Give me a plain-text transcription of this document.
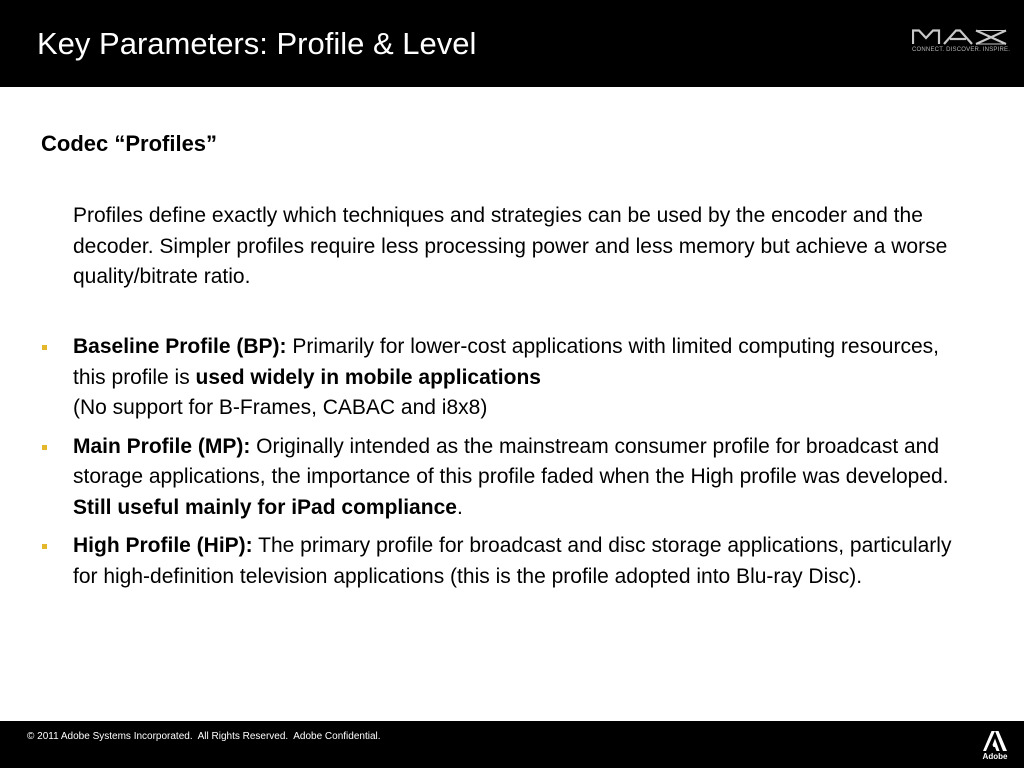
Key Parameters: Profile & Level	CONNECT. DISCOVER. INSPIRE.
Codec “Profiles”

Profiles define exactly which techniques and strategies can be used by the encoder and the decoder. Simpler profiles require less processing power and less memory but achieve a worse quality/bitrate ratio.

Baseline Profile (BP): Primarily for lower-cost applications with limited computing resources, this profile is used widely in mobile applications
(No support for B-Frames, CABAC and i8x8)
Main Profile (MP): Originally intended as the mainstream consumer profile for broadcast and storage applications, the importance of this profile faded when the High profile was developed. Still useful mainly for iPad compliance.
High Profile (HiP): The primary profile for broadcast and disc storage applications, particularly for high-definition television applications (this is the profile adopted into Blu-ray Disc).
© 2011 Adobe Systems Incorporated.  All Rights Reserved.  Adobe Confidential.
Adobe
